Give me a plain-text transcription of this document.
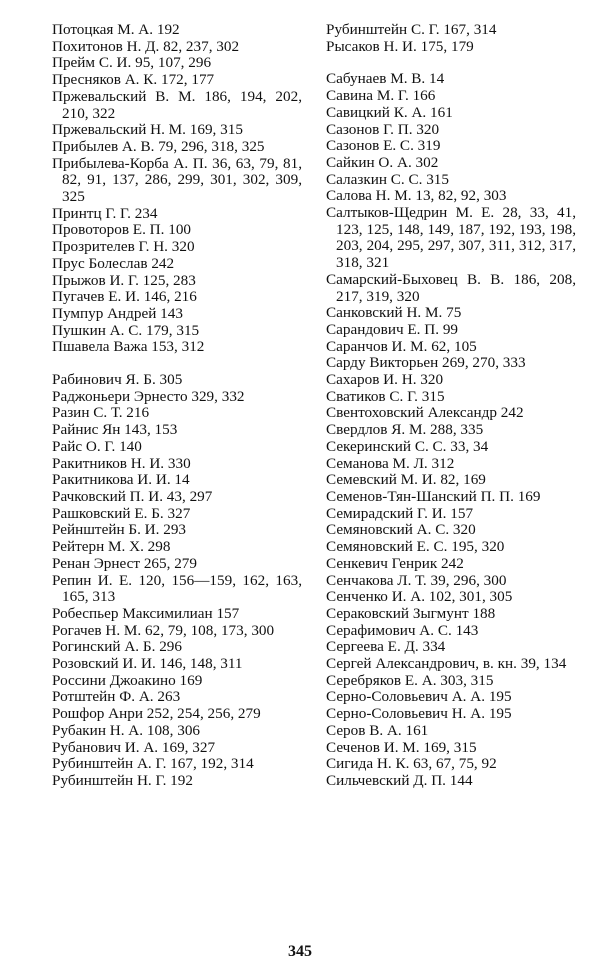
Потоцкая М. А. 192

Похитонов Н. Д. 82, 237, 302

Прейм С. И. 95, 107, 296

Пресняков А. К. 172, 177

Пржевальский В. М. 186, 194, 202, 210, 322

Пржевальский Н. М. 169, 315

Прибылев А. В. 79, 296, 318, 325

Прибылева-Корба А. П. 36, 63, 79, 81, 82, 91, 137, 286, 299, 301, 302, 309, 325

Принтц Г. Г. 234

Провоторов Е. П. 100

Прозрителев Г. Н. 320

Прус Болеслав 242

Прыжов И. Г. 125, 283

Пугачев Е. И. 146, 216

Пумпур Андрей 143

Пушкин А. С. 179, 315

Пшавела Важа 153, 312

Рабинович Я. Б. 305

Раджоньери Эрнесто 329, 332

Разин С. Т. 216

Райнис Ян 143, 153

Райс О. Г. 140

Ракитников Н. И. 330

Ракитникова И. И. 14

Рачковский П. И. 43, 297

Рашковский Е. Б. 327

Рейнштейн Б. И. 293

Рейтерн М. Х. 298

Ренан Эрнест 265, 279

Репин И. Е. 120, 156—159, 162, 163, 165, 313

Робеспьер Максимилиан 157

Рогачев Н. М. 62, 79, 108, 173, 300

Рогинский А. Б. 296

Розовский И. И. 146, 148, 311

Россини Джоакино 169

Ротштейн Ф. А. 263

Рошфор Анри 252, 254, 256, 279

Рубакин Н. А. 108, 306

Рубанович И. А. 169, 327

Рубинштейн А. Г. 167, 192, 314

Рубинштейн Н. Г. 192

Рубинштейн С. Г. 167, 314

Рысаков Н. И. 175, 179

Сабунаев М. В. 14

Савина М. Г. 166

Савицкий К. А. 161

Сазонов Г. П. 320

Сазонов Е. С. 319

Сайкин О. А. 302

Салазкин С. С. 315

Салова Н. М. 13, 82, 92, 303

Салтыков-Щедрин М. Е. 28, 33, 41, 123, 125, 148, 149, 187, 192, 193, 198, 203, 204, 295, 297, 307, 311, 312, 317, 318, 321

Самарский-Быховец В. В. 186, 208, 217, 319, 320

Санковский Н. М. 75

Сарандович Е. П. 99

Саранчов И. М. 62, 105

Сарду Викторьен 269, 270, 333

Сахаров И. Н. 320

Сватиков С. Г. 315

Свентоховский Александр 242

Свердлов Я. М. 288, 335

Секеринский С. С. 33, 34

Семанова М. Л. 312

Семевский М. И. 82, 169

Семенов-Тян-Шанский П. П. 169

Семирадский Г. И. 157

Семяновский А. С. 320

Семяновский Е. С. 195, 320

Сенкевич Генрик 242

Сенчакова Л. Т. 39, 296, 300

Сенченко И. А. 102, 301, 305

Сераковский Зыгмунт 188

Серафимович А. С. 143

Сергеева Е. Д. 334

Сергей Александрович, в. кн. 39, 134

Серебряков Е. А. 303, 315

Серно-Соловьевич А. А. 195

Серно-Соловьевич Н. А. 195

Серов В. А. 161

Сеченов И. М. 169, 315

Сигида Н. К. 63, 67, 75, 92

Сильчевский Д. П. 144

345
